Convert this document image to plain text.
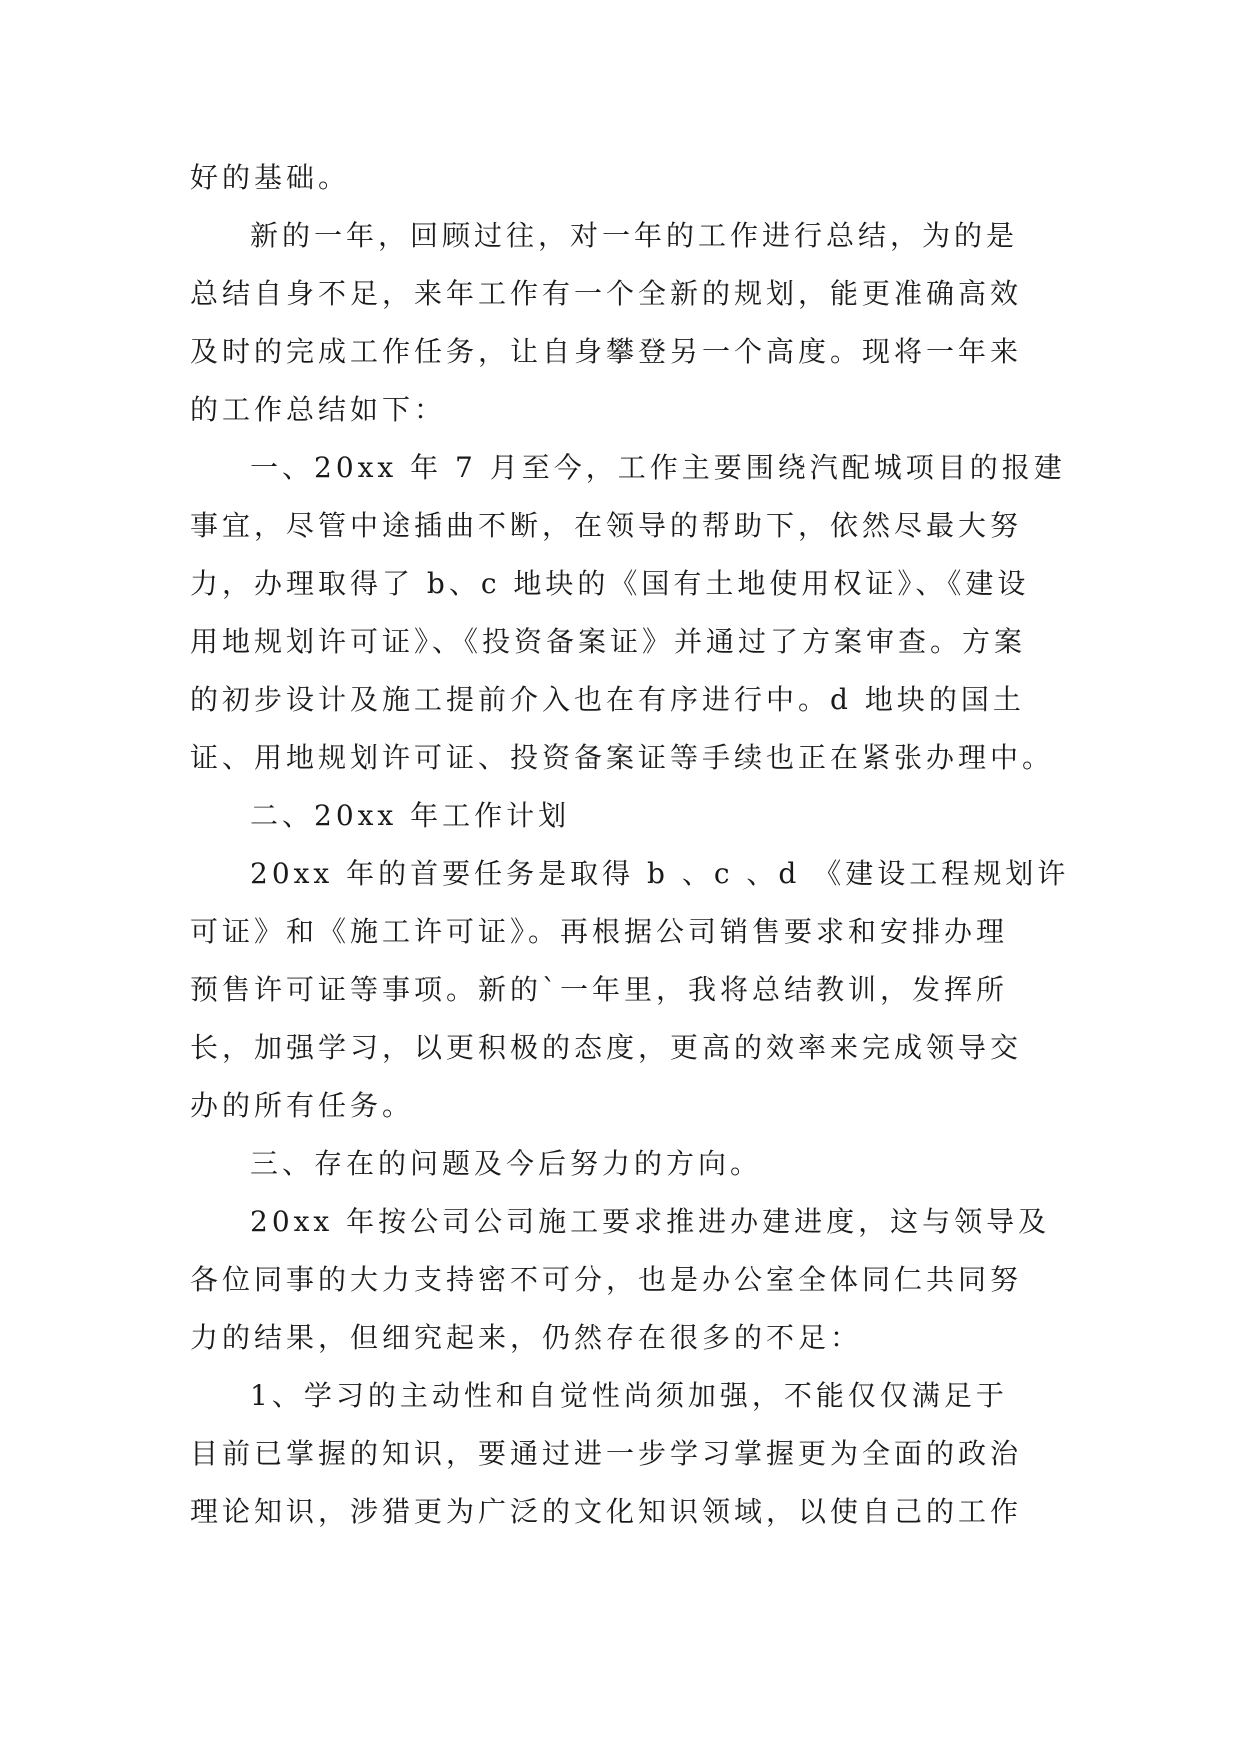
好的基础。
新的一年，回顾过往，对一年的工作进行总结，为的是
总结自身不足，来年工作有一个全新的规划，能更准确高效
及时的完成工作任务，让自身攀登另一个高度。现将一年来
的工作总结如下：
一、20xx 年 7 月至今，工作主要围绕汽配城项目的报建
事宜，尽管中途插曲不断，在领导的帮助下，依然尽最大努
力，办理取得了 b、c 地块的《国有土地使用权证》、《建设
用地规划许可证》、《投资备案证》并通过了方案审查。方案
的初步设计及施工提前介入也在有序进行中。d 地块的国土
证、用地规划许可证、投资备案证等手续也正在紧张办理中。
二、20xx 年工作计划
20xx 年的首要任务是取得 b 、c 、d 《建设工程规划许
可证》和《施工许可证》。再根据公司销售要求和安排办理
预售许可证等事项。新的`一年里，我将总结教训，发挥所
长，加强学习，以更积极的态度，更高的效率来完成领导交
办的所有任务。
三、存在的问题及今后努力的方向。
20xx 年按公司公司施工要求推进办建进度，这与领导及
各位同事的大力支持密不可分，也是办公室全体同仁共同努
力的结果，但细究起来，仍然存在很多的不足：
1、学习的主动性和自觉性尚须加强，不能仅仅满足于
目前已掌握的知识，要通过进一步学习掌握更为全面的政治
理论知识，涉猎更为广泛的文化知识领域，以使自己的工作
